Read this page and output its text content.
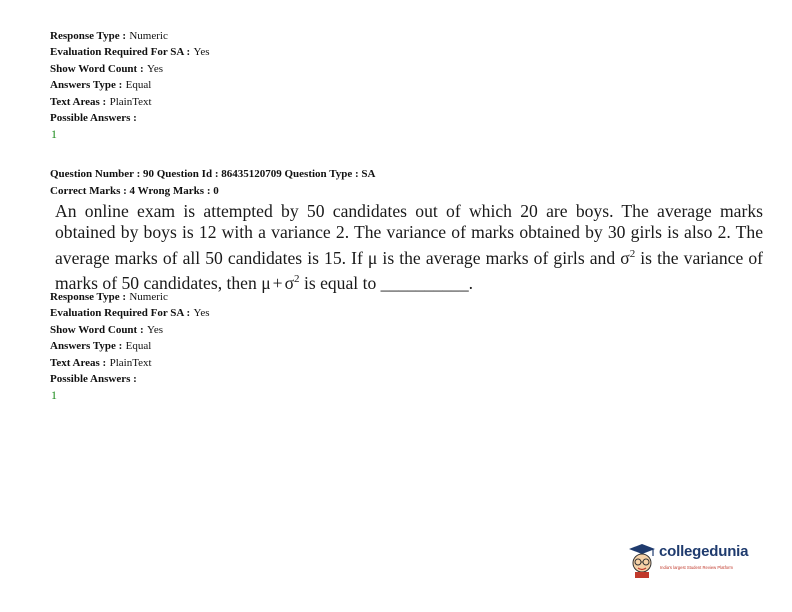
Response Type : Numeric
Evaluation Required For SA : Yes
Show Word Count : Yes
Answers Type : Equal
Text Areas : PlainText
Possible Answers :
1
Question Number : 90 Question Id : 86435120709 Question Type : SA
Correct Marks : 4 Wrong Marks : 0
An online exam is attempted by 50 candidates out of which 20 are boys. The average marks obtained by boys is 12 with a variance 2. The variance of marks obtained by 30 girls is also 2. The average marks of all 50 candidates is 15. If μ is the average marks of girls and $\sigma^2$ is the variance of marks of 50 candidates, then $\mu + \sigma^2$ is equal to __________.
Response Type : Numeric
Evaluation Required For SA : Yes
Show Word Count : Yes
Answers Type : Equal
Text Areas : PlainText
Possible Answers :
1
collegedunia
India's largest Student Review Platform
